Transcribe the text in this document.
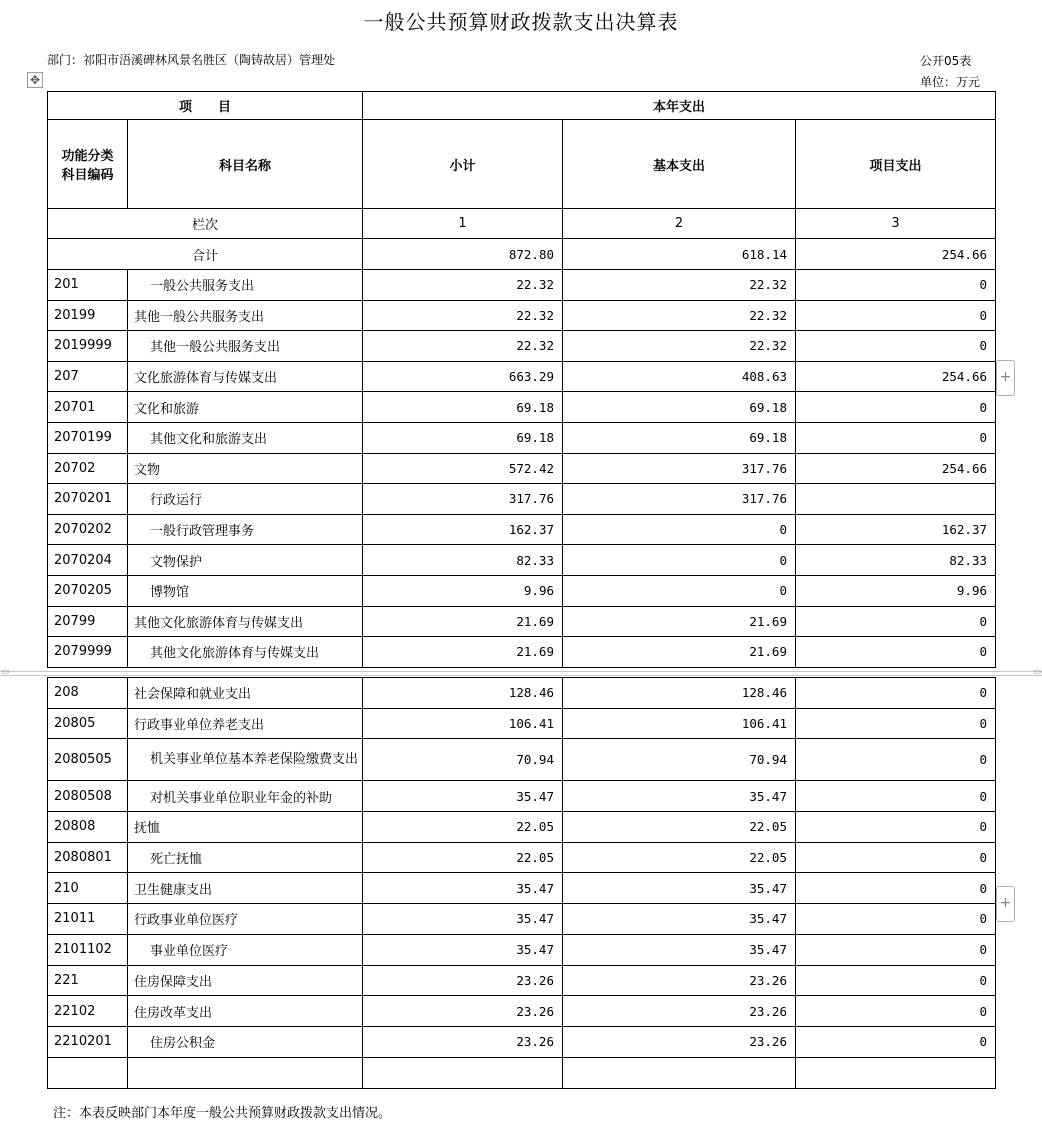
一般公共预算财政拨款支出决算表
部门：祁阳市浯溪碑林风景名胜区（陶铸故居）管理处	公开05表
单位：万元
✥
+
+
▭	▭
项　　目		本年支出		

功能分类
科目编码	科目名称	小计	基本支出	项目支出
栏次		1	2	3
合计		872.80	618.14	254.66
201	一般公共服务支出	22.32	22.32	0
20199	其他一般公共服务支出	22.32	22.32	0
2019999	其他一般公共服务支出	22.32	22.32	0
207	文化旅游体育与传媒支出	663.29	408.63	254.66
20701	文化和旅游	69.18	69.18	0
2070199	其他文化和旅游支出	69.18	69.18	0
20702	文物	572.42	317.76	254.66
2070201	行政运行	317.76	317.76	
2070202	一般行政管理事务	162.37	0	162.37
2070204	文物保护	82.33	0	82.33
2070205	博物馆	9.96	0	9.96
20799	其他文化旅游体育与传媒支出	21.69	21.69	0
2079999	其他文化旅游体育与传媒支出	21.69	21.69	0
208	社会保障和就业支出	128.46	128.46	0
20805	行政事业单位养老支出	106.41	106.41	0
2080505	机关事业单位基本养老保险缴费支出	70.94	70.94	0
2080508	对机关事业单位职业年金的补助	35.47	35.47	0
20808	抚恤	22.05	22.05	0
2080801	死亡抚恤	22.05	22.05	0
210	卫生健康支出	35.47	35.47	0
21011	行政事业单位医疗	35.47	35.47	0
2101102	事业单位医疗	35.47	35.47	0
221	住房保障支出	23.26	23.26	0
22102	住房改革支出	23.26	23.26	0
2210201	住房公积金	23.26	23.26	0

注：本表反映部门本年度一般公共预算财政拨款支出情况。
